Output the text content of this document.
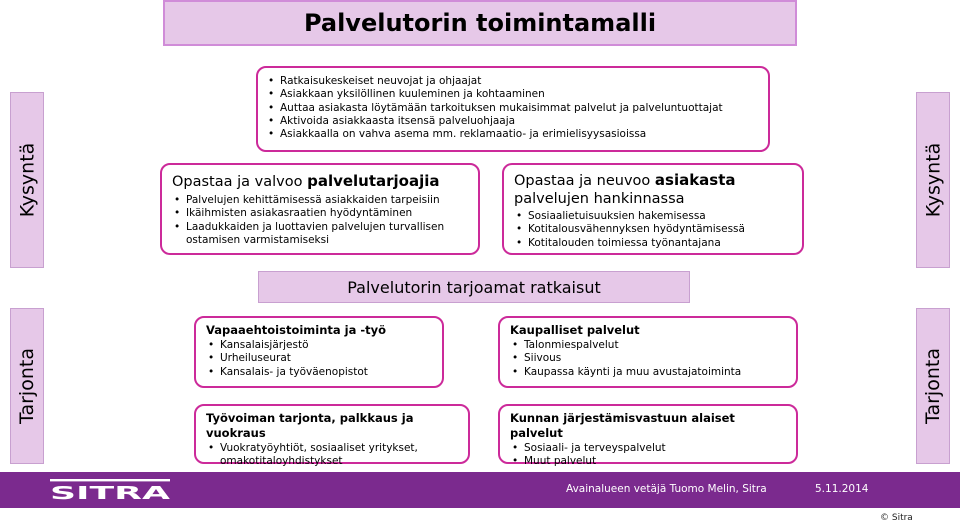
Palvelutorin toimintamalli
Kysyntä	Kysyntä
Tarjonta	Tarjonta
• Ratkaisukeskeiset neuvojat ja ohjaajat
• Asiakkaan yksilöllinen kuuleminen ja kohtaaminen
• Auttaa asiakasta löytämään tarkoituksen mukaisimmat palvelut ja palveluntuottajat
• Aktivoida asiakkaasta itsensä palveluohjaaja
• Asiakkaalla on vahva asema mm. reklamaatio- ja erimielisyysasioissa
Opastaa ja valvoo palvelutarjoajia
• Palvelujen kehittämisessä asiakkaiden tarpeisiin
• Ikäihmisten asiakasraatien hyödyntäminen
• Laadukkaiden ja luottavien palvelujen turvallisen ostamisen varmistamiseksi
Opastaa ja neuvoo asiakasta
palvelujen hankinnassa
• Sosiaalietuisuuksien hakemisessa
• Kotitalousvähennyksen hyödyntämisessä
• Kotitalouden toimiessa työnantajana
Palvelutorin tarjoamat ratkaisut
Vapaaehtoistoiminta ja -työ
• Kansalaisjärjestö
• Urheiluseurat
• Kansalais- ja työväenopistot
Kaupalliset palvelut
• Talonmiespalvelut
• Siivous
• Kaupassa käynti ja muu avustajatoiminta
Työvoiman tarjonta, palkkaus ja vuokraus
• Vuokratyöyhtiöt, sosiaaliset yritykset, omakotitaloyhdistykset
Kunnan järjestämisvastuun alaiset palvelut
• Sosiaali- ja terveyspalvelut
• Muut palvelut
SITRA	Avainalueen vetäjä Tuomo Melin, Sitra	5.11.2014
© Sitra
